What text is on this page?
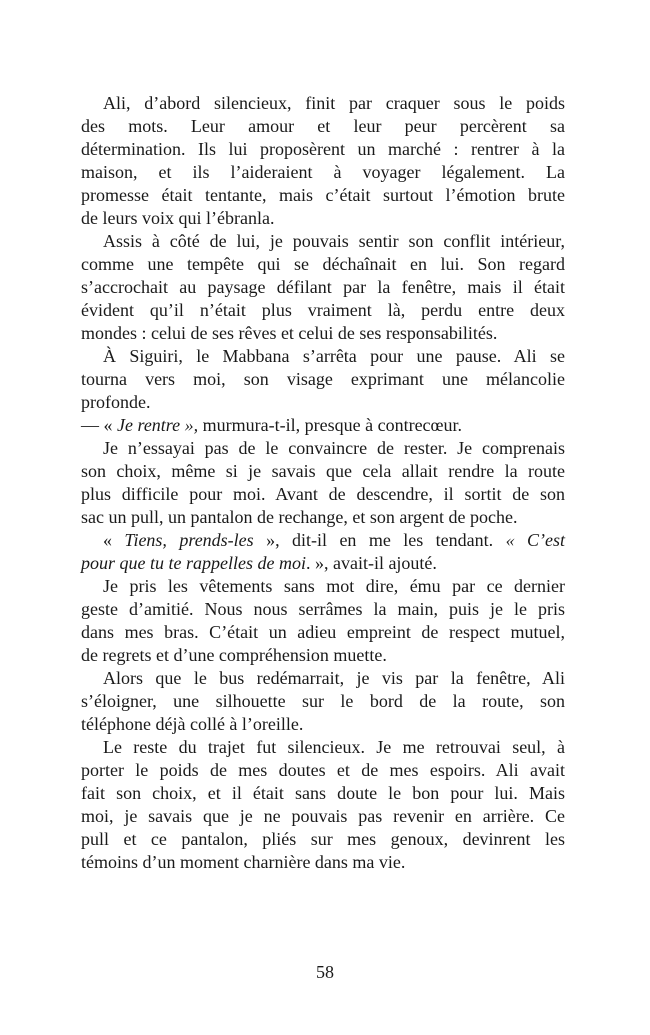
Ali, d’abord silencieux, finit par craquer sous le poids
des mots. Leur amour et leur peur percèrent sa
détermination. Ils lui proposèrent un marché : rentrer à la
maison, et ils l’aideraient à voyager légalement. La
promesse était tentante, mais c’était surtout l’émotion brute
de leurs voix qui l’ébranla.
Assis à côté de lui, je pouvais sentir son conflit intérieur,
comme une tempête qui se déchaînait en lui. Son regard
s’accrochait au paysage défilant par la fenêtre, mais il était
évident qu’il n’était plus vraiment là, perdu entre deux
mondes : celui de ses rêves et celui de ses responsabilités.
À Siguiri, le Mabbana s’arrêta pour une pause. Ali se
tourna vers moi, son visage exprimant une mélancolie
profonde.
— « Je rentre », murmura-t-il, presque à contrecœur.
Je n’essayai pas de le convaincre de rester. Je comprenais
son choix, même si je savais que cela allait rendre la route
plus difficile pour moi. Avant de descendre, il sortit de son
sac un pull, un pantalon de rechange, et son argent de poche.
« Tiens, prends-les », dit-il en me les tendant. « C’est
pour que tu te rappelles de moi. », avait-il ajouté.
Je pris les vêtements sans mot dire, ému par ce dernier
geste d’amitié. Nous nous serrâmes la main, puis je le pris
dans mes bras. C’était un adieu empreint de respect mutuel,
de regrets et d’une compréhension muette.
Alors que le bus redémarrait, je vis par la fenêtre, Ali
s’éloigner, une silhouette sur le bord de la route, son
téléphone déjà collé à l’oreille.
Le reste du trajet fut silencieux. Je me retrouvai seul, à
porter le poids de mes doutes et de mes espoirs. Ali avait
fait son choix, et il était sans doute le bon pour lui. Mais
moi, je savais que je ne pouvais pas revenir en arrière. Ce
pull et ce pantalon, pliés sur mes genoux, devinrent les
témoins d’un moment charnière dans ma vie.
58
